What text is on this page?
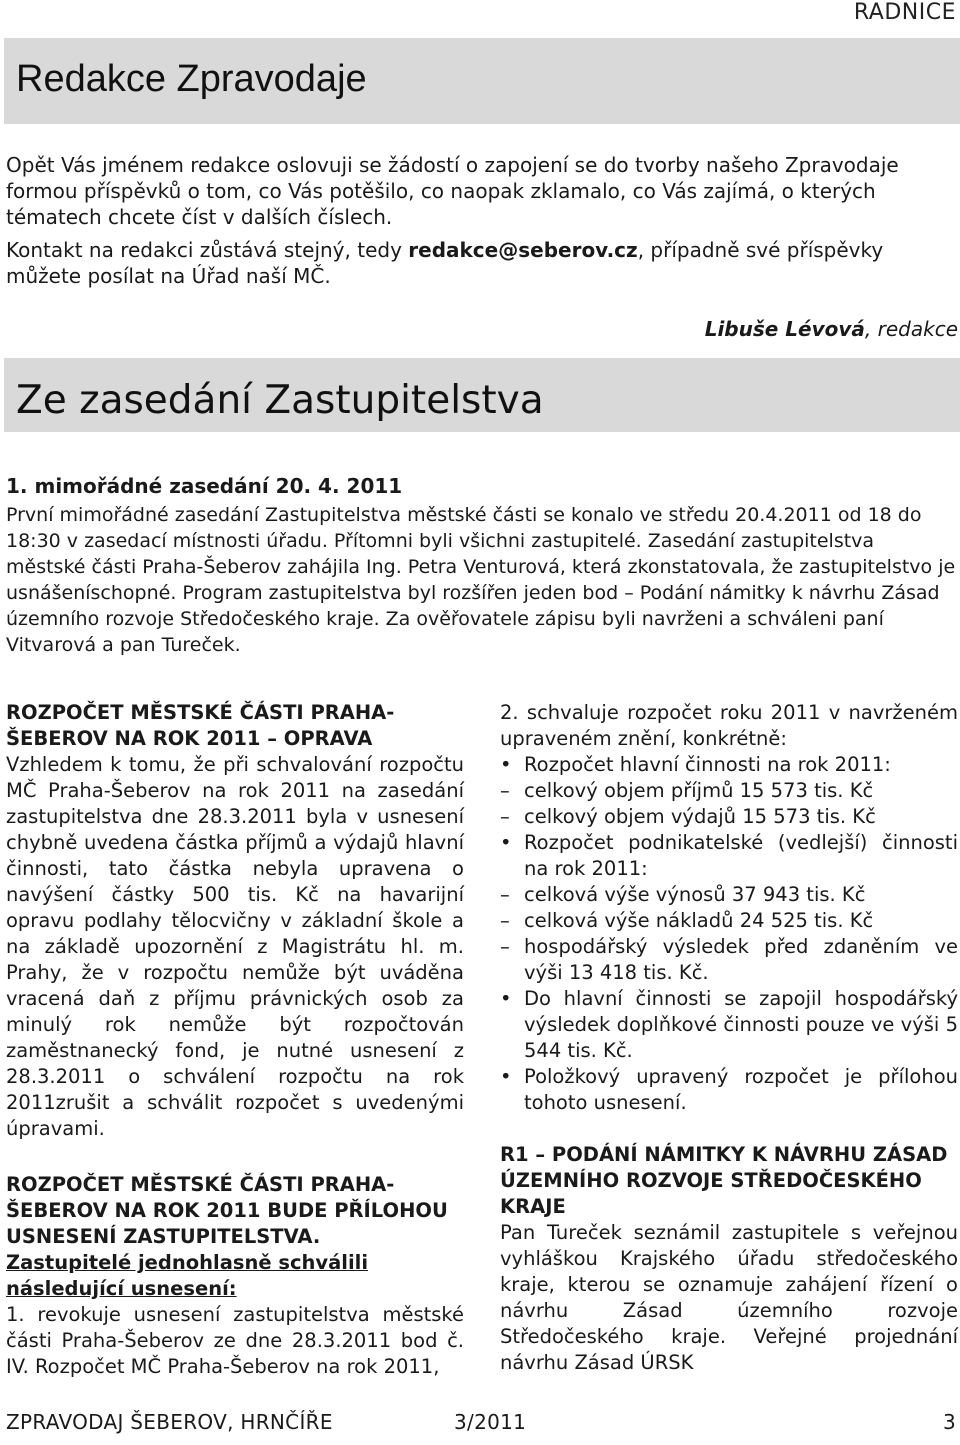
RADNICE
Redakce Zpravodaje

Opět Vás jménem redakce oslovuji se žádostí o zapojení se do tvorby našeho Zpravodaje formou příspěvků o tom, co Vás potěšilo, co naopak zklamalo, co Vás zajímá, o kterých tématech chcete číst v dalších číslech.

Kontakt na redakci zůstává stejný, tedy redakce@seberov.cz, případně své příspěvky můžete posílat na Úřad naší MČ.

Libuše Lévová, redakce
Ze zasedání Zastupitelstva
1. mimořádné zasedání 20. 4. 2011

První mimořádné zasedání Zastupitelstva městské části se konalo ve středu 20.4.2011 od 18 do 18:30 v zasedací místnosti úřadu. Přítomni byli všichni zastupitelé. Zasedání zastupitelstva městské části Praha-Šeberov zahájila Ing. Petra Venturová, která zkonstatovala, že zastupitelstvo je usnášeníschopné. Program zastupitelstva byl rozšířen jeden bod – Podání námitky k návrhu Zásad územního rozvoje Středočeského kraje. Za ověřovatele zápisu byli navrženi a schváleni paní Vitvarová a pan Tureček.

ROZPOČET MĚSTSKÉ ČÁSTI PRAHA-ŠEBEROV NA ROK 2011 – OPRAVA

Vzhledem k tomu, že při schvalování rozpočtu MČ Praha-Šeberov na rok 2011 na zasedání zastupitelstva dne 28.3.2011 byla v usnesení chybně uvedena částka příjmů a výdajů hlavní činnosti, tato částka nebyla upravena o navýšení částky 500 tis. Kč na havarijní opravu podlahy tělocvičny v základní škole a na základě upozornění z Magistrátu hl. m. Prahy, že v rozpočtu nemůže být uváděna vracená daň z příjmu právnických osob za minulý rok nemůže být rozpočtován zaměstnanecký fond, je nutné usnesení z 28.3.2011 o schválení rozpočtu na rok 2011zrušit a schválit rozpočet s uvedenými úpravami.

ROZPOČET MĚSTSKÉ ČÁSTI PRAHA-ŠEBEROV NA ROK 2011 BUDE PŘÍLOHOU USNESENÍ ZASTUPITELSTVA.

Zastupitelé jednohlasně schválili následující usnesení:

1. revokuje usnesení zastupitelstva městské části Praha-Šeberov ze dne 28.3.2011 bod č. IV. Rozpočet MČ Praha-Šeberov na rok 2011,

2. schvaluje rozpočet roku 2011 v navrženém upraveném znění, konkrétně:

• Rozpočet hlavní činnosti na rok 2011:
– celkový objem příjmů 15 573 tis. Kč
– celkový objem výdajů 15 573 tis. Kč
• Rozpočet podnikatelské (vedlejší) činnosti na rok 2011:
– celková výše výnosů 37 943 tis. Kč
– celková výše nákladů 24 525 tis. Kč
– hospodářský výsledek před zdaněním ve výši 13 418 tis. Kč.
• Do hlavní činnosti se zapojil hospodářský výsledek doplňkové činnosti pouze ve výši 5 544 tis. Kč.
• Položkový upravený rozpočet je přílohou tohoto usnesení.

R1 – PODÁNÍ NÁMITKY K NÁVRHU ZÁSAD ÚZEMNÍHO ROZVOJE STŘEDOČESKÉHO KRAJE

Pan Tureček seznámil zastupitele s veřejnou vyhláškou Krajského úřadu středočeského kraje, kterou se oznamuje zahájení řízení o návrhu Zásad územního rozvoje Středočeského kraje. Veřejné projednání návrhu Zásad ÚRSK

ZPRAVODAJ ŠEBEROV, HRNČÍŘE	3/2011	3
